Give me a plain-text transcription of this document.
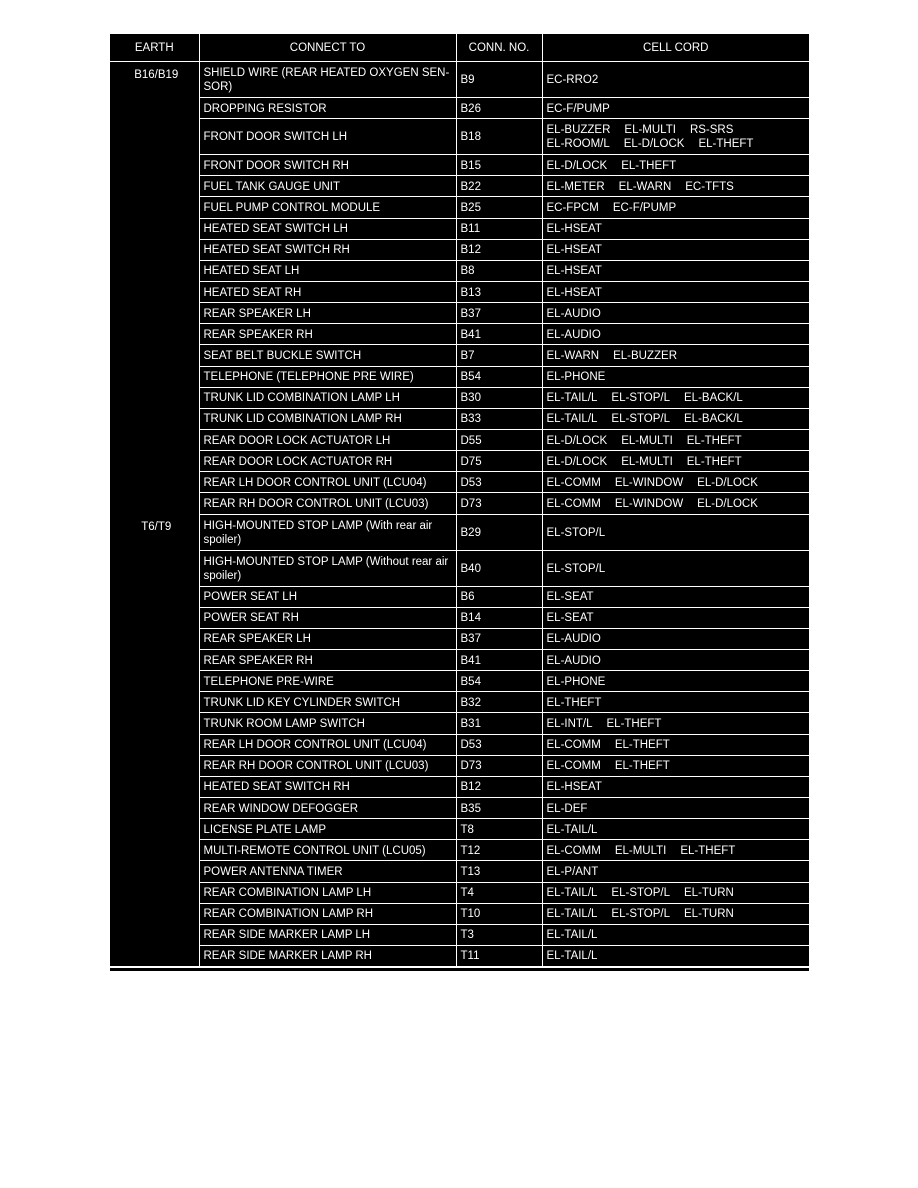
EARTH	CONNECT TO	CONN. NO.	CELL CORD
B16/B19	SHIELD WIRE (REAR HEATED OXYGEN SEN-SOR)	B9	EC-RRO2
	DROPPING RESISTOR	B26	EC-F/PUMP
	FRONT DOOR SWITCH LH	B18	EL-BUZZER EL-MULTI RS-SRS
EL-ROOM/L EL-D/LOCK EL-THEFT
	FRONT DOOR SWITCH RH	B15	EL-D/LOCK EL-THEFT
	FUEL TANK GAUGE UNIT	B22	EL-METER EL-WARN EC-TFTS
	FUEL PUMP CONTROL MODULE	B25	EC-FPCM EC-F/PUMP
	HEATED SEAT SWITCH LH	B11	EL-HSEAT
	HEATED SEAT SWITCH RH	B12	EL-HSEAT
	HEATED SEAT LH	B8	EL-HSEAT
	HEATED SEAT RH	B13	EL-HSEAT
	REAR SPEAKER LH	B37	EL-AUDIO
	REAR SPEAKER RH	B41	EL-AUDIO
	SEAT BELT BUCKLE SWITCH	B7	EL-WARN EL-BUZZER
	TELEPHONE (TELEPHONE PRE WIRE)	B54	EL-PHONE
	TRUNK LID COMBINATION LAMP LH	B30	EL-TAIL/L EL-STOP/L EL-BACK/L
	TRUNK LID COMBINATION LAMP RH	B33	EL-TAIL/L EL-STOP/L EL-BACK/L
	REAR DOOR LOCK ACTUATOR LH	D55	EL-D/LOCK EL-MULTI EL-THEFT
	REAR DOOR LOCK ACTUATOR RH	D75	EL-D/LOCK EL-MULTI EL-THEFT
	REAR LH DOOR CONTROL UNIT (LCU04)	D53	EL-COMM EL-WINDOW EL-D/LOCK
	REAR RH DOOR CONTROL UNIT (LCU03)	D73	EL-COMM EL-WINDOW EL-D/LOCK
T6/T9	HIGH-MOUNTED STOP LAMP (With rear air spoiler)	B29	EL-STOP/L
	HIGH-MOUNTED STOP LAMP (Without rear air spoiler)	B40	EL-STOP/L
	POWER SEAT LH	B6	EL-SEAT
	POWER SEAT RH	B14	EL-SEAT
	REAR SPEAKER LH	B37	EL-AUDIO
	REAR SPEAKER RH	B41	EL-AUDIO
	TELEPHONE PRE-WIRE	B54	EL-PHONE
	TRUNK LID KEY CYLINDER SWITCH	B32	EL-THEFT
	TRUNK ROOM LAMP SWITCH	B31	EL-INT/L EL-THEFT
	REAR LH DOOR CONTROL UNIT (LCU04)	D53	EL-COMM EL-THEFT
	REAR RH DOOR CONTROL UNIT (LCU03)	D73	EL-COMM EL-THEFT
	HEATED SEAT SWITCH RH	B12	EL-HSEAT
	REAR WINDOW DEFOGGER	B35	EL-DEF
	LICENSE PLATE LAMP	T8	EL-TAIL/L
	MULTI-REMOTE CONTROL UNIT (LCU05)	T12	EL-COMM EL-MULTI EL-THEFT
	POWER ANTENNA TIMER	T13	EL-P/ANT
	REAR COMBINATION LAMP LH	T4	EL-TAIL/L EL-STOP/L EL-TURN
	REAR COMBINATION LAMP RH	T10	EL-TAIL/L EL-STOP/L EL-TURN
	REAR SIDE MARKER LAMP LH	T3	EL-TAIL/L
	REAR SIDE MARKER LAMP RH	T11	EL-TAIL/L
